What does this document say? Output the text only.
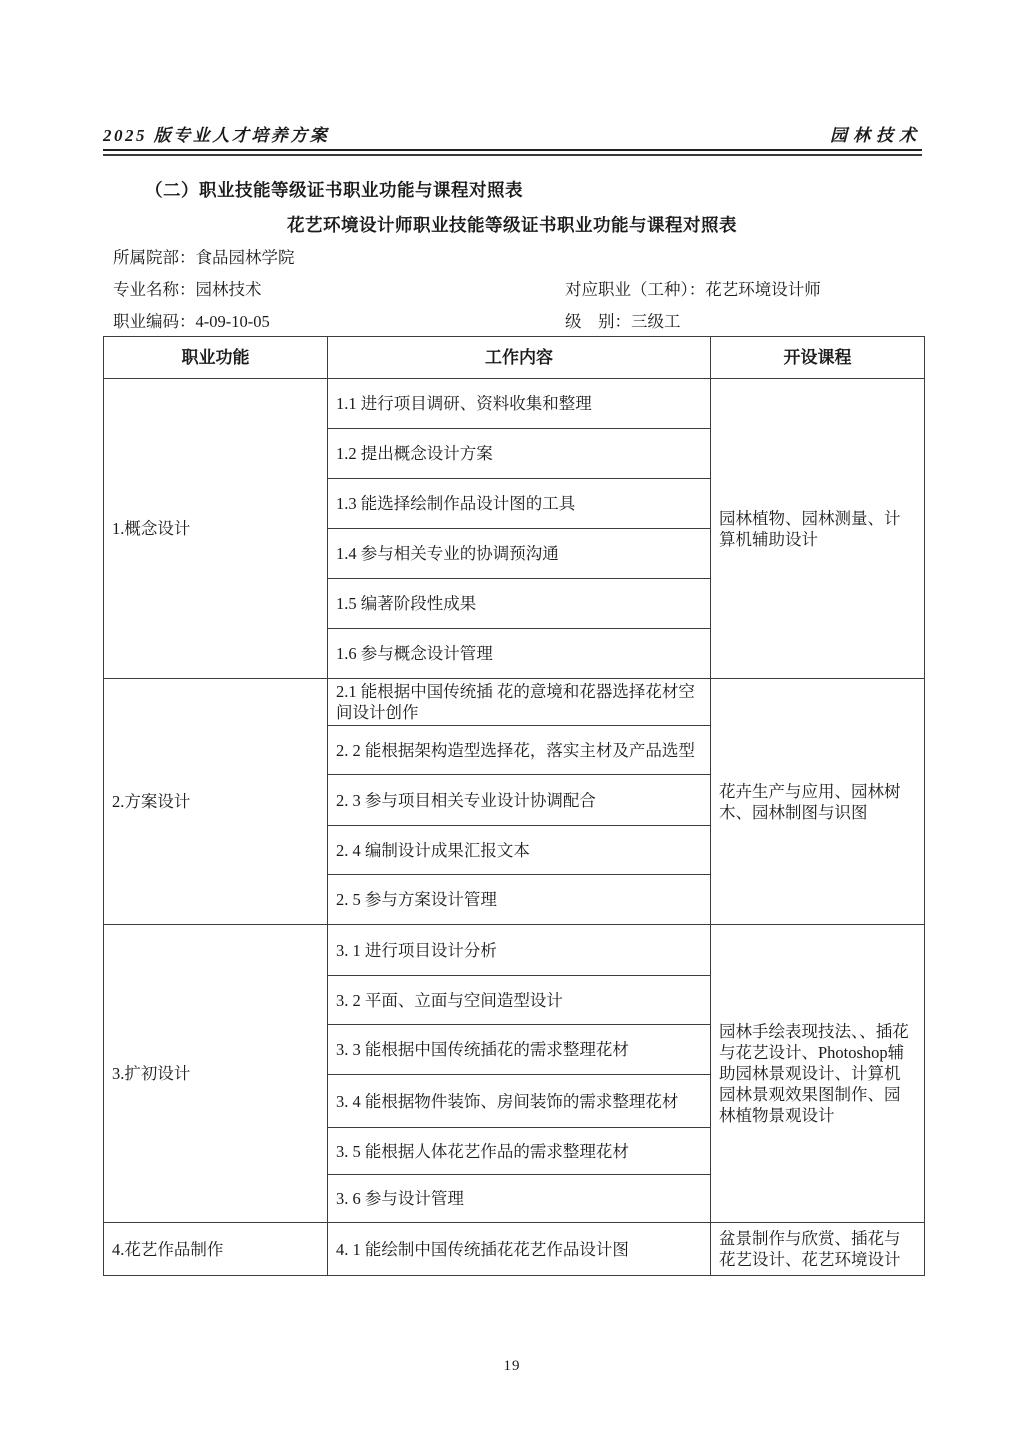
2025 版专业人才培养方案	园林技术
（二）职业技能等级证书职业功能与课程对照表
花艺环境设计师职业技能等级证书职业功能与课程对照表
所属院部：食品园林学院
专业名称：园林技术	对应职业（工种）：花艺环境设计师
职业编码：4-09-10-05	级　别：三级工
职业功能	工作内容	开设课程
1.概念设计	1.1 进行项目调研、资料收集和整理	园林植物、园林测量、计算机辅助设计
	1.2 提出概念设计方案	
	1.3 能选择绘制作品设计图的工具	
	1.4 参与相关专业的协调预沟通	
	1.5 编著阶段性成果	
	1.6 参与概念设计管理	
2.方案设计	2.1 能根据中国传统插 花的意境和花器选择花材空间设计创作	花卉生产与应用、园林树木、园林制图与识图
	2. 2 能根据架构造型选择花，落实主材及产品选型	
	2. 3 参与项目相关专业设计协调配合	
	2. 4 编制设计成果汇报文本	
	2. 5 参与方案设计管理	
3.扩初设计	3. 1 进行项目设计分析	园林手绘表现技法、、插花与花艺设计、Photoshop辅助园林景观设计、计算机园林景观效果图制作、园林植物景观设计
	3. 2 平面、立面与空间造型设计	
	3. 3 能根据中国传统插花的需求整理花材	
	3. 4 能根据物件装饰、房间装饰的需求整理花材	
	3. 5 能根据人体花艺作品的需求整理花材	
	3. 6 参与设计管理	
4.花艺作品制作	4. 1 能绘制中国传统插花花艺作品设计图	盆景制作与欣赏、插花与花艺设计、花艺环境设计
19
